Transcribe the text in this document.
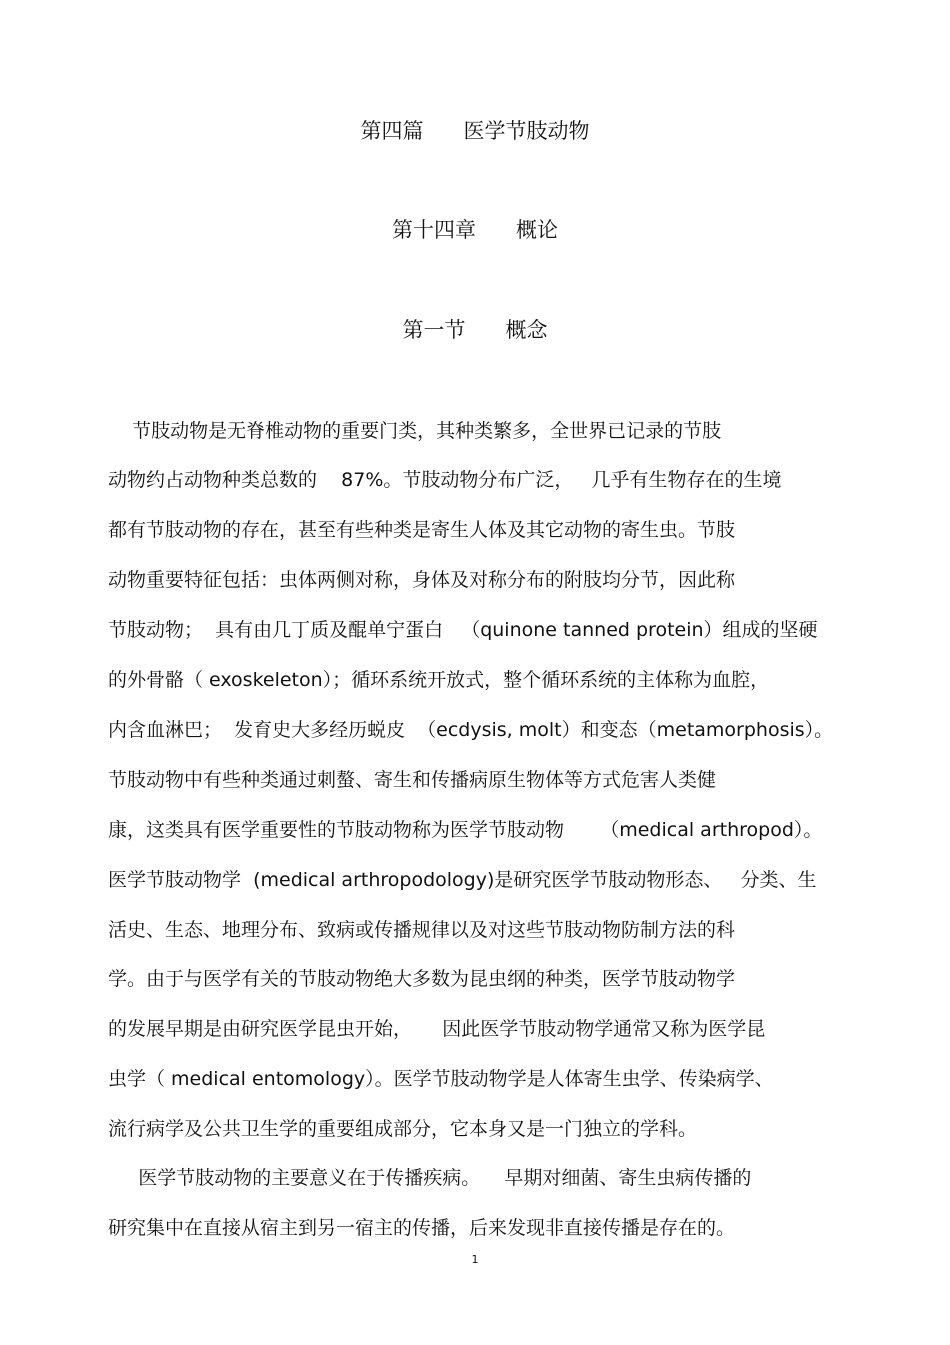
第四篇      医学节肢动物
第十四章      概论
第一节      概念
节肢动物是无脊椎动物的重要门类，其种类繁多，全世界已记录的节肢
动物约占动物种类总数的    87%。节肢动物分布广泛，   几乎有生物存在的生境
都有节肢动物的存在，甚至有些种类是寄生人体及其它动物的寄生虫。节肢
动物重要特征包括：虫体两侧对称，身体及对称分布的附肢均分节，因此称
节肢动物；  具有由几丁质及醌单宁蛋白   （quinone tanned protein）组成的坚硬
的外骨骼（ exoskeleton）；循环系统开放式，整个循环系统的主体称为血腔，
内含血淋巴；  发育史大多经历蜕皮  （ecdysis, molt）和变态（metamorphosis）。
节肢动物中有些种类通过刺螯、寄生和传播病原生物体等方式危害人类健
康，这类具有医学重要性的节肢动物称为医学节肢动物      （medical arthropod）。
医学节肢动物学  (medical arthropodology)是研究医学节肢动物形态、   分类、生
活史、生态、地理分布、致病或传播规律以及对这些节肢动物防制方法的科
学。由于与医学有关的节肢动物绝大多数为昆虫纲的种类，医学节肢动物学
的发展早期是由研究医学昆虫开始，     因此医学节肢动物学通常又称为医学昆
虫学（ medical entomology）。医学节肢动物学是人体寄生虫学、传染病学、
流行病学及公共卫生学的重要组成部分，它本身又是一门独立的学科。
医学节肢动物的主要意义在于传播疾病。    早期对细菌、寄生虫病传播的
研究集中在直接从宿主到另一宿主的传播，后来发现非直接传播是存在的。
1
